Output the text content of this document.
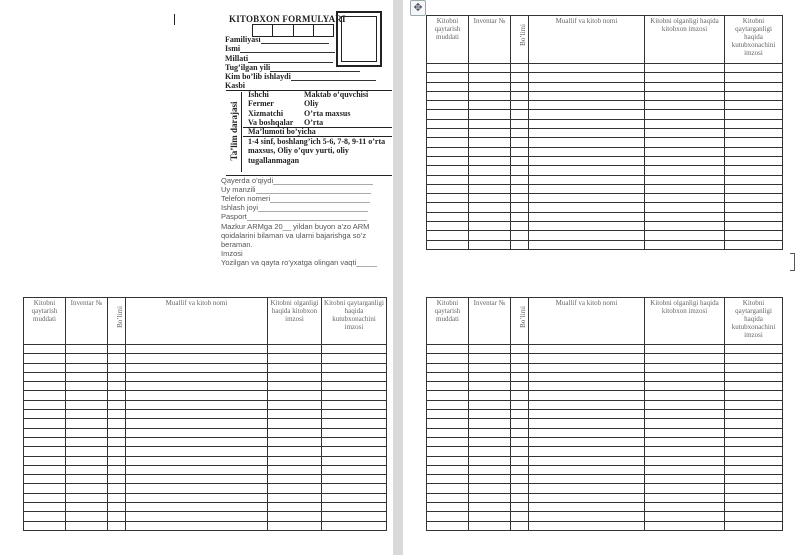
✥
KITOBXON FORMULYARI
Familiyasi
Ismi
Millati
Tug’ilgan yili
Kim bo’lib ishlaydi
Kasbi
Ta’lim darajasi
Ishchi	Maktab o’quvchisi
Fermer	Oliy
Xizmatchi	O’rta maxsus
Va boshqalar O’rta
Ma’lumoti bo’yicha
1-4 sinf, boshlang’ich 5-6, 7-8, 9-11 o’rta
maxsus, Oliy o’quv yurti, oliy
tugallanmagan
Qayerda o’qiydi
Uy manzili
Telefon nomeri
Ishlash joyi
Pasport
Mazkur ARMga 20__ yildan buyon a’zo ARM
qoidalarini bilaman va ularni bajarishga so’z
beraman.
Imzosi
Yozilgan va qayta ro’yxatga olingan vaqti_____
Kitobni qaytarish muddati	Inventar №	Bo’limi	Muallif va kitob nomi	Kitobni olganligi haqida kitobxon imzosi	Kitobni qaytarganligi haqida kutubxonachini imzosi

Kitobni qaytarish muddati	Inventar №	Bo’limi	Muallif va kitob nomi	Kitobni olganligi haqida kitobxon imzosi	Kitobni qaytarganligi haqida kutubxonachini imzosi

Kitobni qaytarish muddati	Inventar №	Bo’limi	Muallif va kitob nomi	Kitobni olganligi haqida kitobxon imzosi	Kitobni qaytarganligi haqida kutubxonachini imzosi
